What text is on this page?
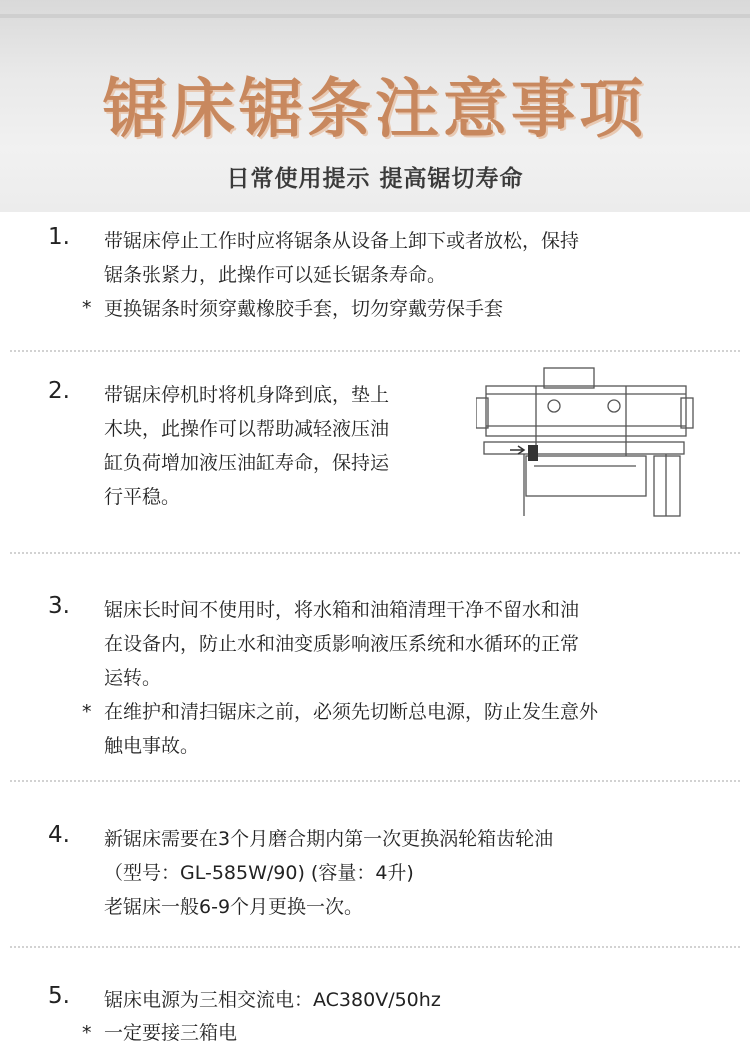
锯床锯条注意事项
日常使用提示 提高锯切寿命
1. 带锯床停止工作时应将锯条从设备上卸下或者放松，保持
锯条张紧力，此操作可以延长锯条寿命。
* 更换锯条时须穿戴橡胶手套，切勿穿戴劳保手套
2. 带锯床停机时将机身降到底，垫上
木块，此操作可以帮助减轻液压油
缸负荷增加液压油缸寿命，保持运
行平稳。
3. 锯床长时间不使用时，将水箱和油箱清理干净不留水和油
在设备内，防止水和油变质影响液压系统和水循环的正常
运转。
* 在维护和清扫锯床之前，必须先切断总电源，防止发生意外
触电事故。
4. 新锯床需要在3个月磨合期内第一次更换涡轮箱齿轮油
（型号：GL-585W/90) (容量：4升)
老锯床一般6-9个月更换一次。
5. 锯床电源为三相交流电：AC380V/50hz
* 一定要接三箱电
